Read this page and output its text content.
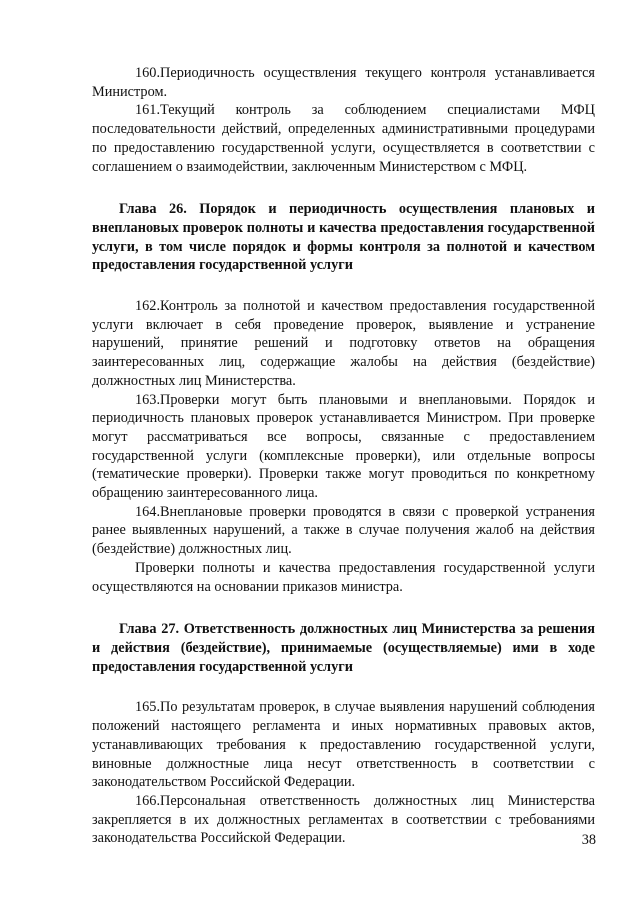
160.Периодичность осуществления текущего контроля устанавливается Министром.

161.Текущий контроль за соблюдением специалистами МФЦ последовательности действий, определенных административными процедурами по предоставлению государственной услуги, осуществляется в соответствии с соглашением о взаимодействии, заключенным Министерством с МФЦ.

Глава 26. Порядок и периодичность осуществления плановых и внеплановых проверок полноты и качества предоставления государственной услуги, в том числе порядок и формы контроля за полнотой и качеством предоставления государственной услуги

162.Контроль за полнотой и качеством предоставления государственной услуги включает в себя проведение проверок, выявление и устранение нарушений, принятие решений и подготовку ответов на обращения заинтересованных лиц, содержащие жалобы на действия (бездействие) должностных лиц Министерства.

163.Проверки могут быть плановыми и внеплановыми. Порядок и периодичность плановых проверок устанавливается Министром. При проверке могут рассматриваться все вопросы, связанные с предоставлением государственной услуги (комплексные проверки), или отдельные вопросы (тематические проверки). Проверки также могут проводиться по конкретному обращению заинтересованного лица.

164.Внеплановые проверки проводятся в связи с проверкой устранения ранее выявленных нарушений, а также в случае получения жалоб на действия (бездействие) должностных лиц.

Проверки полноты и качества предоставления государственной услуги осуществляются на основании приказов министра.

Глава 27. Ответственность должностных лиц Министерства за решения и действия (бездействие), принимаемые (осуществляемые) ими в ходе предоставления государственной услуги

165.По результатам проверок, в случае выявления нарушений соблюдения положений настоящего регламента и иных нормативных правовых актов, устанавливающих требования к предоставлению государственной услуги, виновные должностные лица несут ответственность в соответствии с законодательством Российской Федерации.

166.Персональная ответственность должностных лиц Министерства закрепляется в их должностных регламентах в соответствии с требованиями законодательства Российской Федерации.	38
